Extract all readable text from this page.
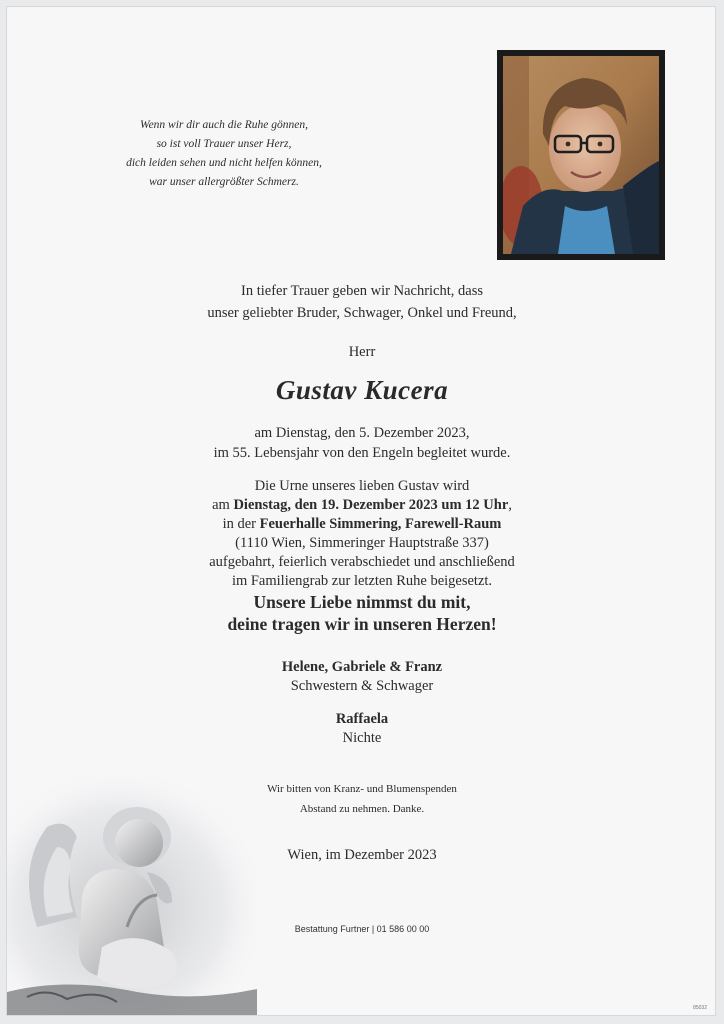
Wenn wir dir auch die Ruhe gönnen,
so ist voll Trauer unser Herz,
dich leiden sehen und nicht helfen können,
war unser allergrößter Schmerz.
In tiefer Trauer geben wir Nachricht, dass
unser geliebter Bruder, Schwager, Onkel und Freund,
Herr
Gustav Kucera
am Dienstag, den 5. Dezember 2023,
im 55. Lebensjahr von den Engeln begleitet wurde.
Die Urne unseres lieben Gustav wird
am Dienstag, den 19. Dezember 2023 um 12 Uhr,
in der Feuerhalle Simmering, Farewell-Raum
(1110 Wien, Simmeringer Hauptstraße 337)
aufgebahrt, feierlich verabschiedet und anschließend
im Familiengrab zur letzten Ruhe beigesetzt.
Unsere Liebe nimmst du mit,
deine tragen wir in unseren Herzen!
Helene, Gabriele & Franz
Schwestern & Schwager
Raffaela
Nichte
Wir bitten von Kranz- und Blumenspenden
Abstand zu nehmen. Danke.
Wien, im Dezember 2023
Bestattung Furtner | 01 586 00 00
85032
